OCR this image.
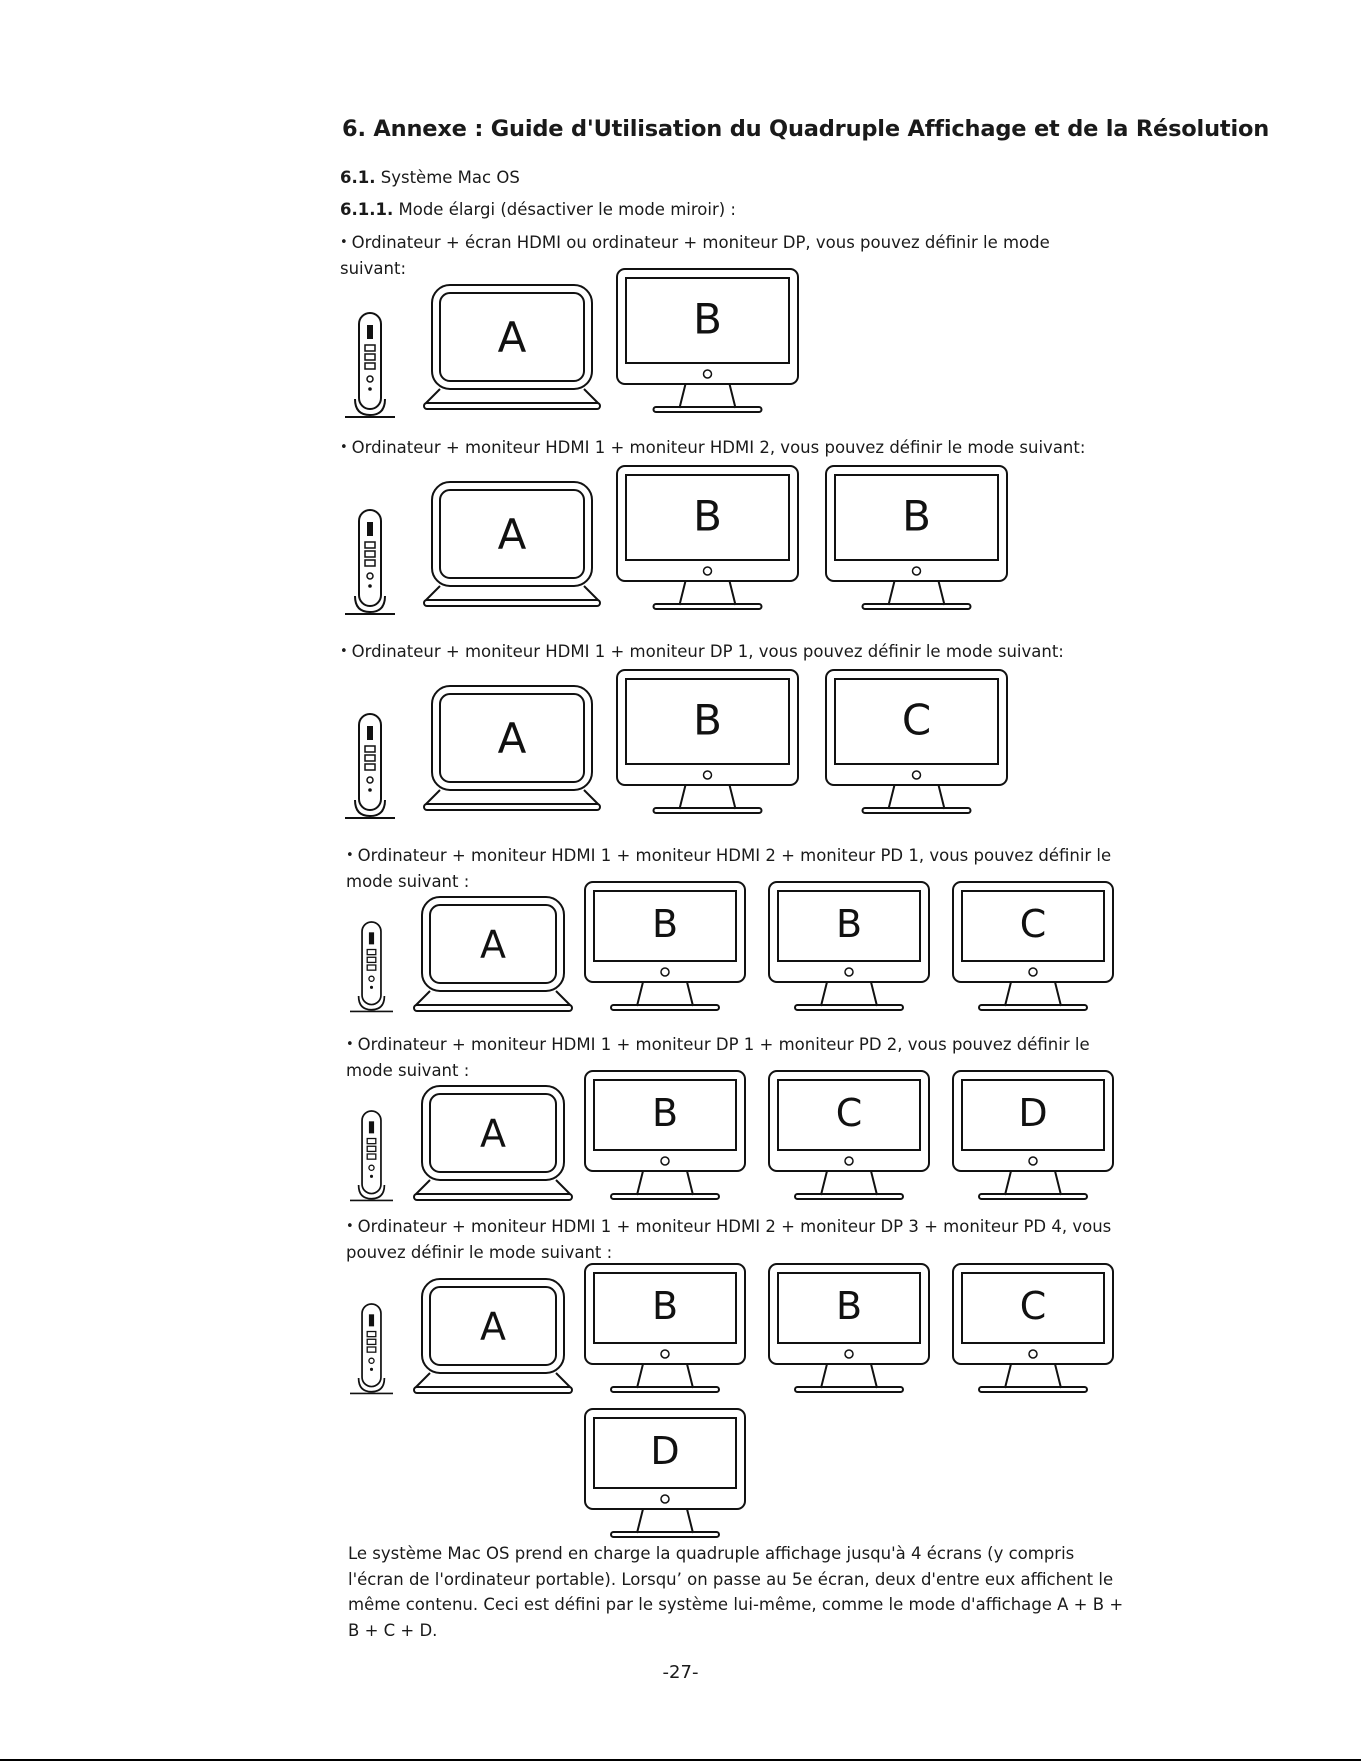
6. Annexe : Guide d'Utilisation du Quadruple Affichage et de la Résolution
6.1. Système Mac OS
6.1.1. Mode élargi (désactiver le mode miroir) :
• Ordinateur + écran HDMI ou ordinateur + moniteur DP, vous pouvez définir le mode suivant:
A	B
• Ordinateur + moniteur HDMI 1 + moniteur HDMI 2, vous pouvez définir le mode suivant:
A	B	B
• Ordinateur + moniteur HDMI 1 + moniteur DP 1, vous pouvez définir le mode suivant:
A	B	C
• Ordinateur + moniteur HDMI 1 + moniteur HDMI 2 + moniteur PD 1, vous pouvez définir le mode suivant :
A	B	B	C
• Ordinateur + moniteur HDMI 1 + moniteur DP 1 + moniteur PD 2, vous pouvez définir le mode suivant :
A	B	C	D
• Ordinateur + moniteur HDMI 1 + moniteur HDMI 2 + moniteur DP 3 + moniteur PD 4, vous pouvez définir le mode suivant :
A	B	B	C
D
Le système Mac OS prend en charge la quadruple affichage jusqu'à 4 écrans (y compris l'écran de l'ordinateur portable). Lorsqu’ on passe au 5e écran, deux d'entre eux affichent le même contenu. Ceci est défini par le système lui-même, comme le mode d'affichage A + B + B + C + D.
-27-
